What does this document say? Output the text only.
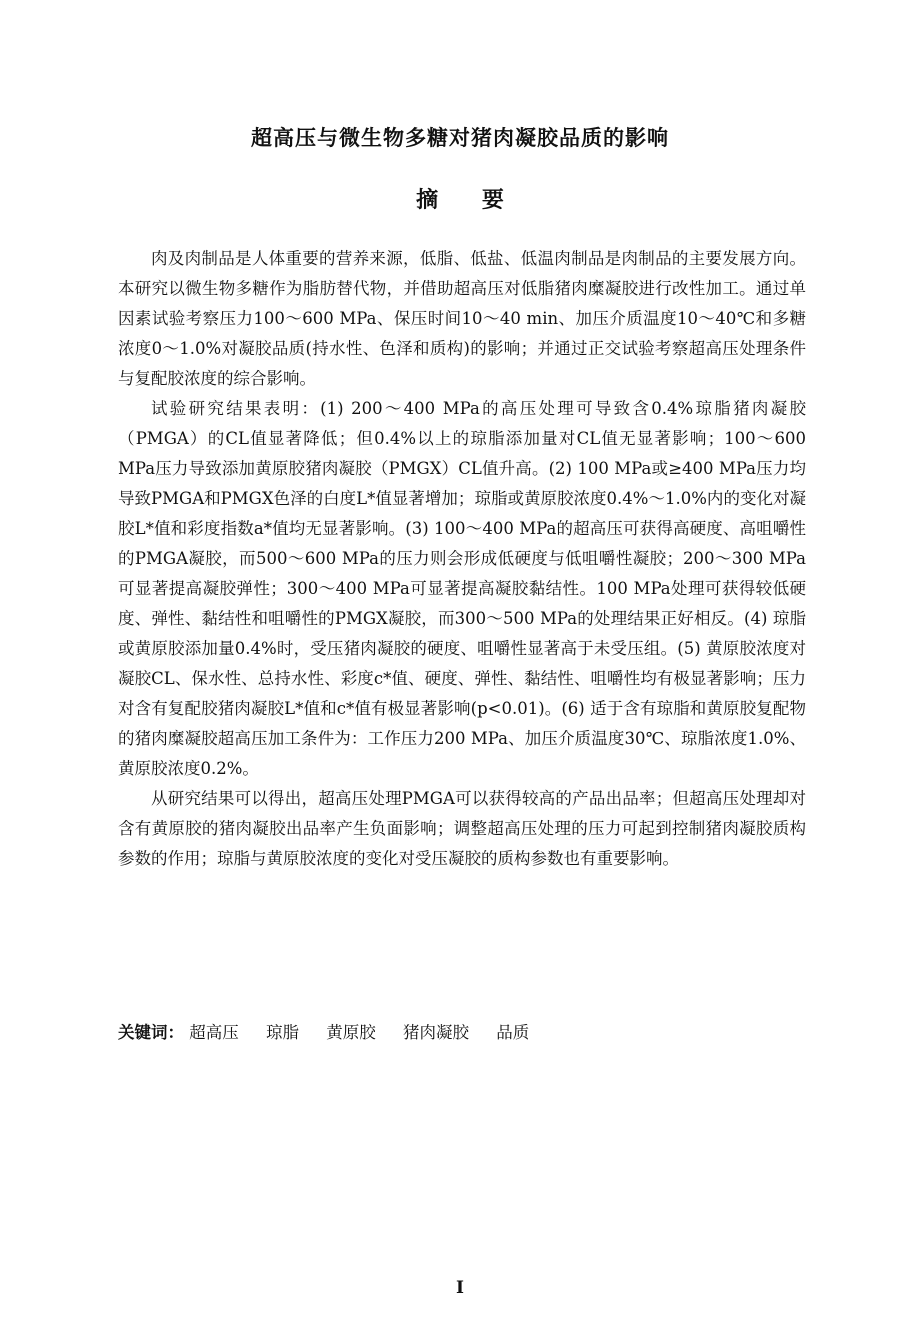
超高压与微生物多糖对猪肉凝胶品质的影响
摘 要

肉及肉制品是人体重要的营养来源，低脂、低盐、低温肉制品是肉制品的主要发展方向。本研究以微生物多糖作为脂肪替代物，并借助超高压对低脂猪肉糜凝胶进行改性加工。通过单因素试验考察压力100～600 MPa、保压时间10～40 min、加压介质温度10～40℃和多糖浓度0～1.0%对凝胶品质(持水性、色泽和质构)的影响；并通过正交试验考察超高压处理条件与复配胶浓度的综合影响。

试验研究结果表明：(1) 200～400 MPa的高压处理可导致含0.4%琼脂猪肉凝胶（PMGA）的CL值显著降低；但0.4%以上的琼脂添加量对CL值无显著影响；100～600 MPa压力导致添加黄原胶猪肉凝胶（PMGX）CL值升高。(2) 100 MPa或≥400 MPa压力均导致PMGA和PMGX色泽的白度L*值显著增加；琼脂或黄原胶浓度0.4%～1.0%内的变化对凝胶L*值和彩度指数a*值均无显著影响。(3) 100～400 MPa的超高压可获得高硬度、高咀嚼性的PMGA凝胶，而500～600 MPa的压力则会形成低硬度与低咀嚼性凝胶；200～300 MPa可显著提高凝胶弹性；300～400 MPa可显著提高凝胶黏结性。100 MPa处理可获得较低硬度、弹性、黏结性和咀嚼性的PMGX凝胶，而300～500 MPa的处理结果正好相反。(4) 琼脂或黄原胶添加量0.4%时，受压猪肉凝胶的硬度、咀嚼性显著高于未受压组。(5) 黄原胶浓度对凝胶CL、保水性、总持水性、彩度c*值、硬度、弹性、黏结性、咀嚼性均有极显著影响；压力对含有复配胶猪肉凝胶L*值和c*值有极显著影响(p<0.01)。(6) 适于含有琼脂和黄原胶复配物的猪肉糜凝胶超高压加工条件为：工作压力200 MPa、加压介质温度30℃、琼脂浓度1.0%、黄原胶浓度0.2%。

从研究结果可以得出，超高压处理PMGA可以获得较高的产品出品率；但超高压处理却对含有黄原胶的猪肉凝胶出品率产生负面影响；调整超高压处理的压力可起到控制猪肉凝胶质构参数的作用；琼脂与黄原胶浓度的变化对受压凝胶的质构参数也有重要影响。

关键词： 超高压 琼脂 黄原胶 猪肉凝胶 品质

I
